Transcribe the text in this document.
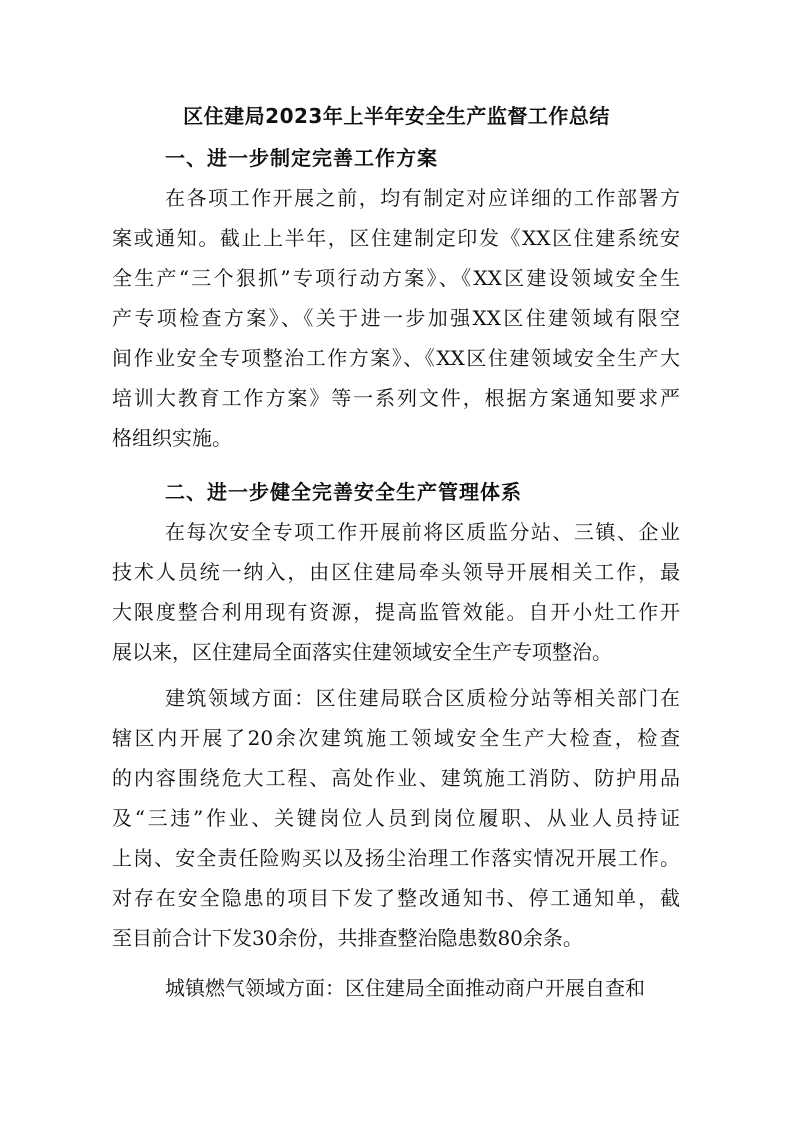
区住建局2023年上半年安全生产监督工作总结
一、进一步制定完善工作方案
在各项工作开展之前，均有制定对应详细的工作部署方
案或通知。截止上半年，区住建制定印发《XX区住建系统安
全生产“三个狠抓”专项行动方案》、《XX区建设领域安全生
产专项检查方案》、《关于进一步加强XX区住建领域有限空
间作业安全专项整治工作方案》、《XX区住建领域安全生产大
培训大教育工作方案》等一系列文件，根据方案通知要求严
格组织实施。
二、进一步健全完善安全生产管理体系
在每次安全专项工作开展前将区质监分站、三镇、企业
技术人员统一纳入，由区住建局牵头领导开展相关工作，最
大限度整合利用现有资源，提高监管效能。自开小灶工作开
展以来，区住建局全面落实住建领域安全生产专项整治。
建筑领域方面：区住建局联合区质检分站等相关部门在
辖区内开展了20余次建筑施工领域安全生产大检查，检查
的内容围绕危大工程、高处作业、建筑施工消防、防护用品
及“三违”作业、关键岗位人员到岗位履职、从业人员持证
上岗、安全责任险购买以及扬尘治理工作落实情况开展工作。
对存在安全隐患的项目下发了整改通知书、停工通知单，截
至目前合计下发30余份，共排查整治隐患数80余条。
城镇燃气领域方面：区住建局全面推动商户开展自查和
